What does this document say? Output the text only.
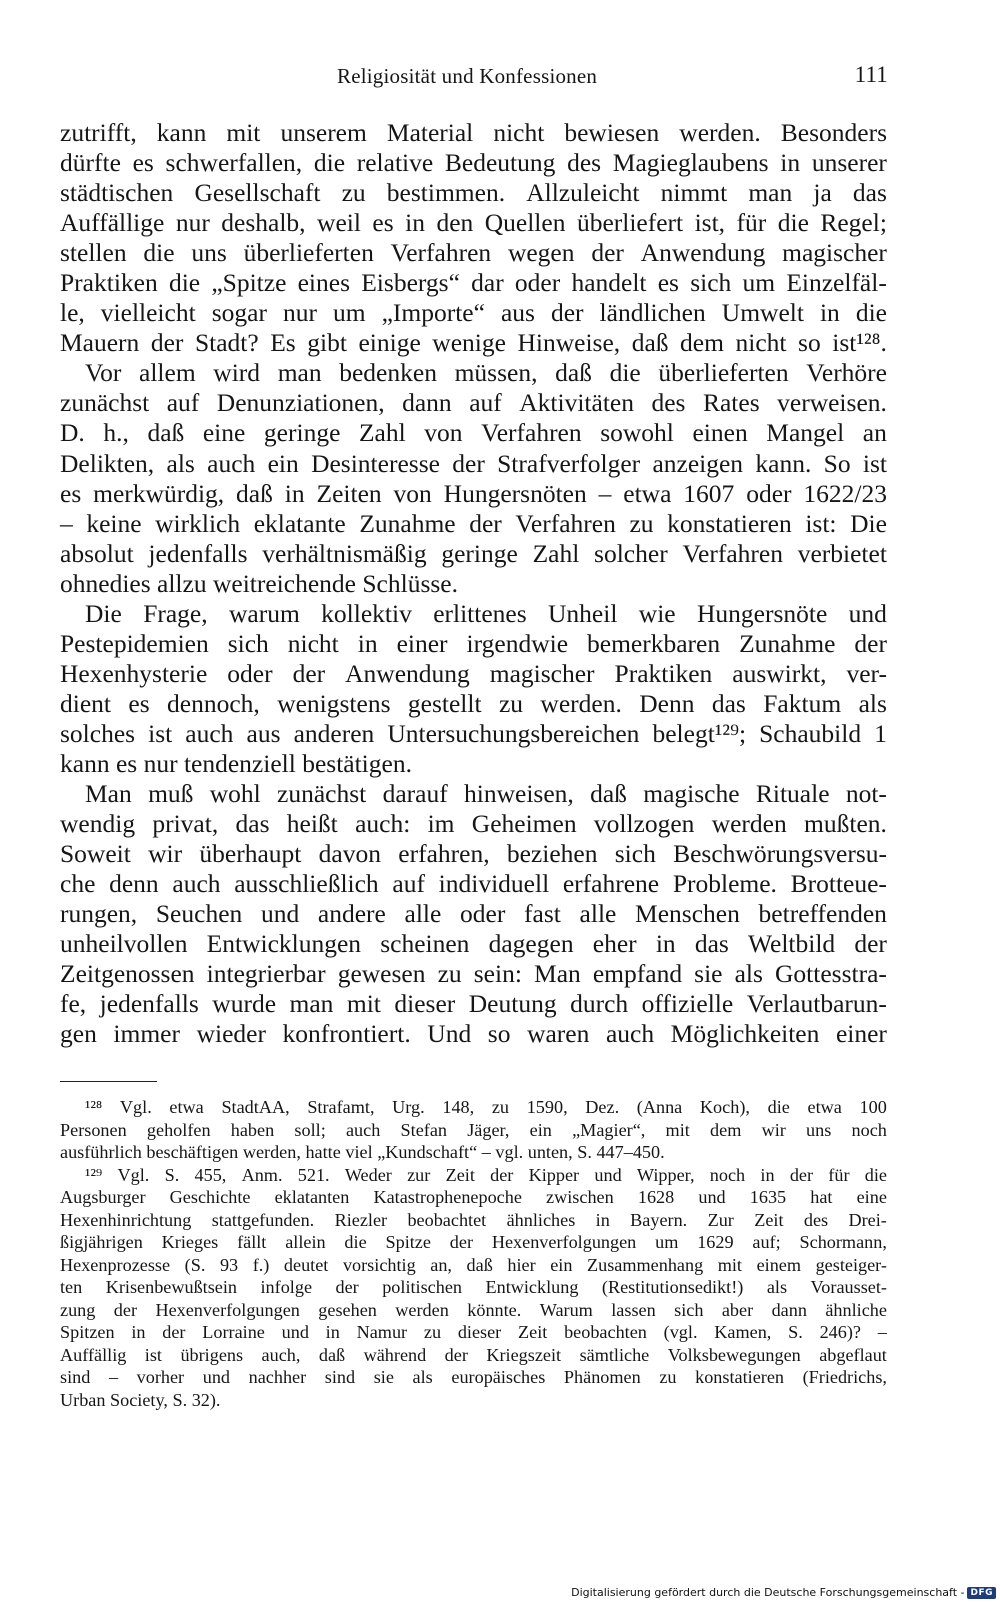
Religiosität und Konfessionen	111
zutrifft, kann mit unserem Material nicht bewiesen werden. Besonders
dürfte es schwerfallen, die relative Bedeutung des Magieglaubens in unserer
städtischen Gesellschaft zu bestimmen. Allzuleicht nimmt man ja das
Auffällige nur deshalb, weil es in den Quellen überliefert ist, für die Regel;
stellen die uns überlieferten Verfahren wegen der Anwendung magischer
Praktiken die „Spitze eines Eisbergs“ dar oder handelt es sich um Einzelfäl-
le, vielleicht sogar nur um „Importe“ aus der ländlichen Umwelt in die
Mauern der Stadt? Es gibt einige wenige Hinweise, daß dem nicht so ist¹²⁸.
Vor allem wird man bedenken müssen, daß die überlieferten Verhöre
zunächst auf Denunziationen, dann auf Aktivitäten des Rates verweisen.
D. h., daß eine geringe Zahl von Verfahren sowohl einen Mangel an
Delikten, als auch ein Desinteresse der Strafverfolger anzeigen kann. So ist
es merkwürdig, daß in Zeiten von Hungersnöten – etwa 1607 oder 1622/23
– keine wirklich eklatante Zunahme der Verfahren zu konstatieren ist: Die
absolut jedenfalls verhältnismäßig geringe Zahl solcher Verfahren verbietet
ohnedies allzu weitreichende Schlüsse.
Die Frage, warum kollektiv erlittenes Unheil wie Hungersnöte und
Pestepidemien sich nicht in einer irgendwie bemerkbaren Zunahme der
Hexenhysterie oder der Anwendung magischer Praktiken auswirkt, ver-
dient es dennoch, wenigstens gestellt zu werden. Denn das Faktum als
solches ist auch aus anderen Untersuchungsbereichen belegt¹²⁹; Schaubild 1
kann es nur tendenziell bestätigen.
Man muß wohl zunächst darauf hinweisen, daß magische Rituale not-
wendig privat, das heißt auch: im Geheimen vollzogen werden mußten.
Soweit wir überhaupt davon erfahren, beziehen sich Beschwörungsversu-
che denn auch ausschließlich auf individuell erfahrene Probleme. Brotteue-
rungen, Seuchen und andere alle oder fast alle Menschen betreffenden
unheilvollen Entwicklungen scheinen dagegen eher in das Weltbild der
Zeitgenossen integrierbar gewesen zu sein: Man empfand sie als Gottesstra-
fe, jedenfalls wurde man mit dieser Deutung durch offizielle Verlautbarun-
gen immer wieder konfrontiert. Und so waren auch Möglichkeiten einer
¹²⁸ Vgl. etwa StadtAA, Strafamt, Urg. 148, zu 1590, Dez. (Anna Koch), die etwa 100
Personen geholfen haben soll; auch Stefan Jäger, ein „Magier“, mit dem wir uns noch
ausführlich beschäftigen werden, hatte viel „Kundschaft“ – vgl. unten, S. 447–450.
¹²⁹ Vgl. S. 455, Anm. 521. Weder zur Zeit der Kipper und Wipper, noch in der für die
Augsburger Geschichte eklatanten Katastrophenepoche zwischen 1628 und 1635 hat eine
Hexenhinrichtung stattgefunden. Riezler beobachtet ähnliches in Bayern. Zur Zeit des Drei-
ßigjährigen Krieges fällt allein die Spitze der Hexenverfolgungen um 1629 auf; Schormann,
Hexenprozesse (S. 93 f.) deutet vorsichtig an, daß hier ein Zusammenhang mit einem gesteiger-
ten Krisenbewußtsein infolge der politischen Entwicklung (Restitutionsedikt!) als Vorausset-
zung der Hexenverfolgungen gesehen werden könnte. Warum lassen sich aber dann ähnliche
Spitzen in der Lorraine und in Namur zu dieser Zeit beobachten (vgl. Kamen, S. 246)? –
Auffällig ist übrigens auch, daß während der Kriegszeit sämtliche Volksbewegungen abgeflaut
sind – vorher und nachher sind sie als europäisches Phänomen zu konstatieren (Friedrichs,
Urban Society, S. 32).
Digitalisierung gefördert durch die Deutsche Forschungsgemeinschaft - DFG
